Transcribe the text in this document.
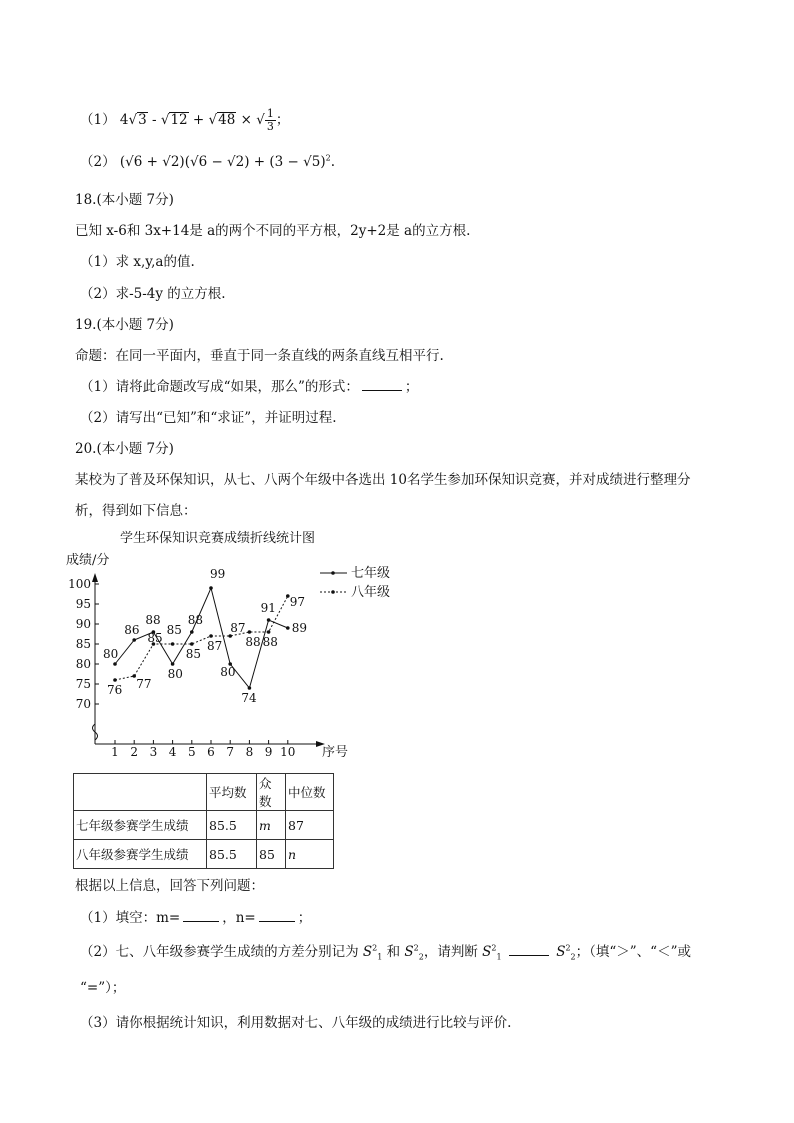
（1） 4√3 - √12 + √48 × √ $\frac{1}{3}$ ；
（2） $(√6 + √2)(√6 - √2) + (3 - √5)^2$.
18.(本小题 7分)
已知 x-6和 3x+14是 a的两个不同的平方根，2y+2是 a的立方根.
（1）求 x,y,a的值.
（2）求-5-4y 的立方根.
19.(本小题 7分)
命题：在同一平面内，垂直于同一条直线的两条直线互相平行.
（1）请将此命题改写成“如果，那么”的形式：	；
（2）请写出“已知”和“求证”，并证明过程.
20.(本小题 7分)
某校为了普及环保知识，从七、八两个年级中各选出 10名学生参加环保知识竞赛，并对成绩进行整理分
析，得到如下信息：
学生环保知识竞赛成绩折线统计图
成绩/分
序号
70
75
80
85
90
95
100
1 2 3 4 5 6 7 8 9 10
80
86
88
80
88
99
80
74
91
89
76 77
85
85
85
87
87
88 88
97
七年级
八年级
	平均数	众数	中位数
七年级参赛学生成绩	85.5	m	87
八年级参赛学生成绩	85.5	85	n
根据以上信息，回答下列问题：
（1）填空：m=	，n=	；
（2）七、八年级参赛学生成绩的方差分别记为 $S^2_1$ 和 $S^2_2$，请判断 $S^2_1$	$S^2_2$；（填“＞”、“＜”或
“=”）；
（3）请你根据统计知识，利用数据对七、八年级的成绩进行比较与评价.
